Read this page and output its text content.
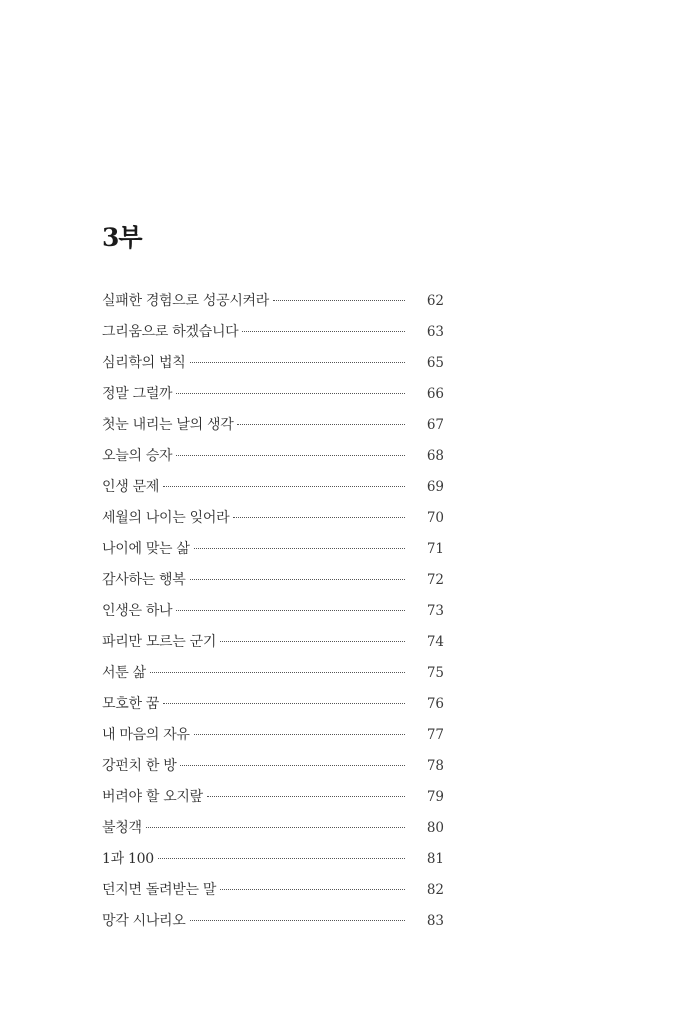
3부
실패한 경험으로 성공시켜라	62
그리움으로 하겠습니다	63
심리학의 법칙	65
정말 그럴까	66
첫눈 내리는 날의 생각	67
오늘의 승자	68
인생 문제	69
세월의 나이는 잊어라	70
나이에 맞는 삶	71
감사하는 행복	72
인생은 하나	73
파리만 모르는 군기	74
서툰 삶	75
모호한 꿈	76
내 마음의 자유	77
강펀치 한 방	78
버려야 할 오지랖	79
불청객	80
1과 100	81
던지면 돌려받는 말	82
망각 시나리오	83
